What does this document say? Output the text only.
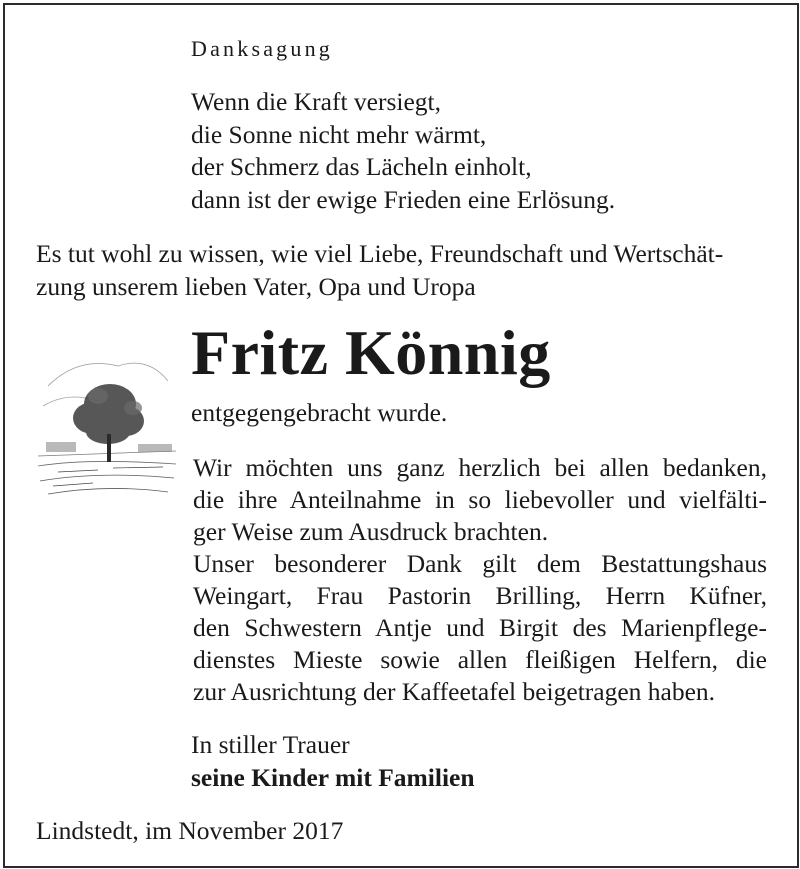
Danksagung
Wenn die Kraft versiegt,
die Sonne nicht mehr wärmt,
der Schmerz das Lächeln einholt,
dann ist der ewige Frieden eine Erlösung.
Es tut wohl zu wissen, wie viel Liebe, Freundschaft und Wertschät-
zung unserem lieben Vater, Opa und Uropa
Fritz Könnig
entgegengebracht wurde.
Wir möchten uns ganz herzlich bei allen bedanken,
die ihre Anteilnahme in so liebevoller und vielfälti-
ger Weise zum Ausdruck brachten.
Unser besonderer Dank gilt dem Bestattungshaus
Weingart, Frau Pastorin Brilling, Herrn Küfner,
den Schwestern Antje und Birgit des Marienpflege-
dienstes Mieste sowie allen fleißigen Helfern, die
zur Ausrichtung der Kaffeetafel beigetragen haben.
In stiller Trauer
seine Kinder mit Familien
Lindstedt, im November 2017
